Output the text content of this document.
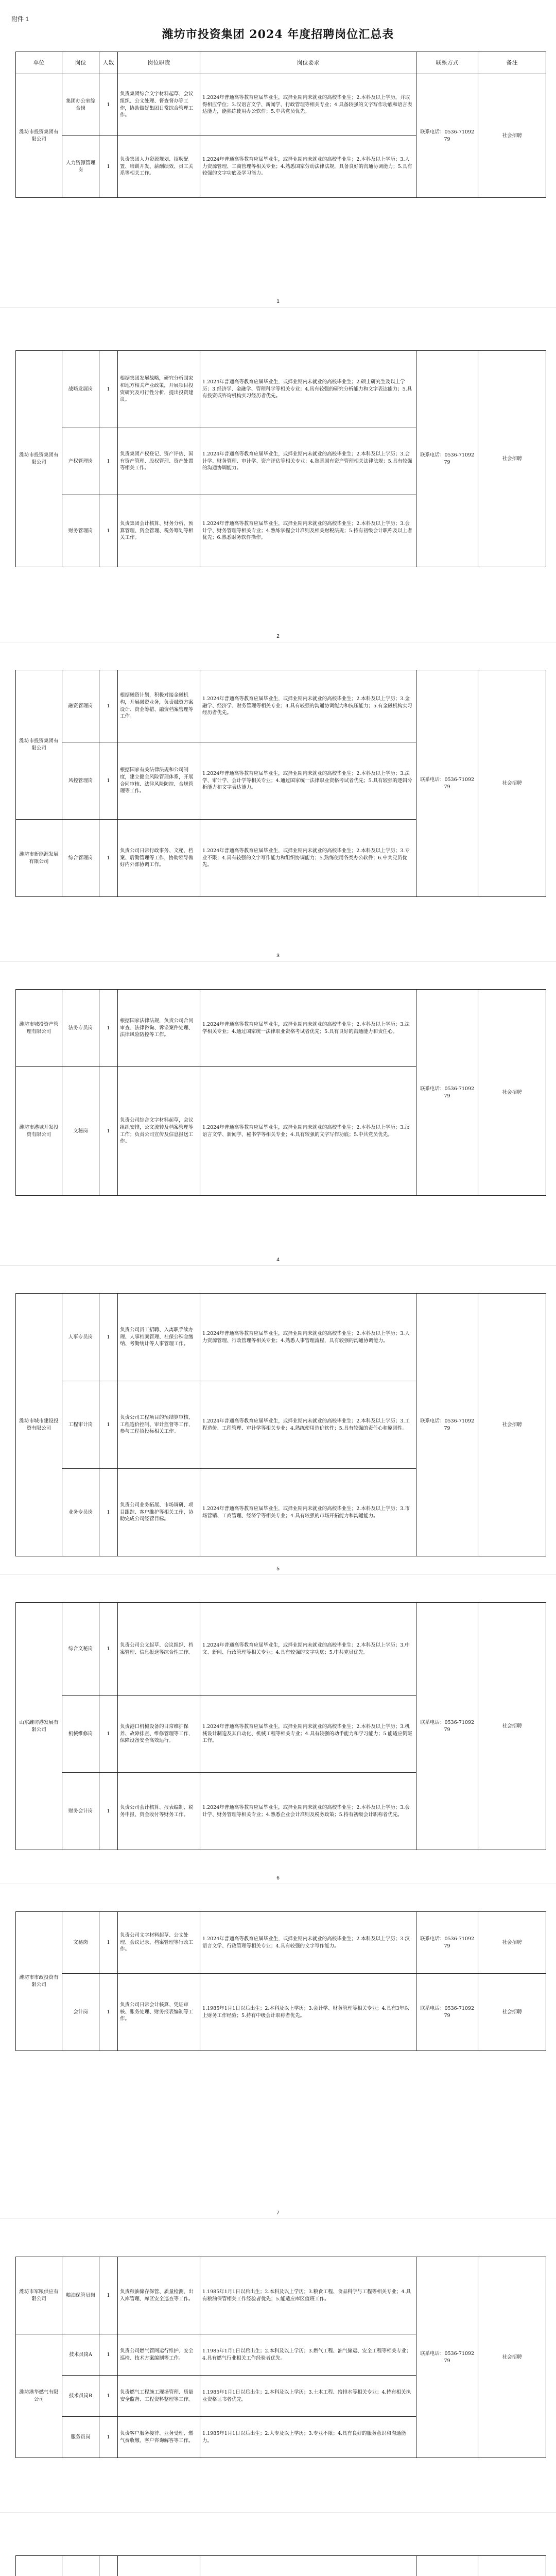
附件 1
潍坊市投资集团 2024 年度招聘岗位汇总表
单位	岗位	人数	岗位职责	岗位要求	联系方式	备注
潍坊市投资集团有限公司	集团办公室综合岗	1	负责集团综合文字材料起草、会议组织、公文处理、督查督办等工作，协助做好集团日常综合管理工作。	1.2024年普通高等教育应届毕业生，或择业期内未就业的高校毕业生；2.本科及以上学历，并取得相应学位；3.汉语言文学、新闻学、行政管理等相关专业；4.具备较强的文字写作功底和语言表达能力，能熟练使用办公软件；5.中共党员优先。	联系电话：0536-7109279	社会招聘
	人力资源管理岗	1	负责集团人力资源规划、招聘配置、培训开发、薪酬绩效、员工关系等相关工作。	1.2024年普通高等教育应届毕业生，或择业期内未就业的高校毕业生；2.本科及以上学历；3.人力资源管理、工商管理等相关专业；4.熟悉国家劳动法律法规，具备良好的沟通协调能力；5.具有较强的文字功底及学习能力。		
1
潍坊市投资集团有限公司	战略发展岗	1	根据集团发展战略，研究分析国家和地方相关产业政策，开展项目投资研究及可行性分析，提出投资建议。	1.2024年普通高等教育应届毕业生，或择业期内未就业的高校毕业生；2.硕士研究生及以上学历；3.经济学、金融学、管理科学等相关专业；4.具有较强的研究分析能力和文字表达能力；5.具有投资或咨询机构实习经历者优先。	联系电话：0536-7109279	社会招聘
	产权管理岗	1	负责集团产权登记、资产评估、国有资产管理、股权管理、资产处置等相关工作。	1.2024年普通高等教育应届毕业生，或择业期内未就业的高校毕业生；2.本科及以上学历；3.会计学、财务管理、审计学、资产评估等相关专业；4.熟悉国有资产管理相关法律法规；5.具有较强的沟通协调能力。		
	财务管理岗	1	负责集团会计核算、财务分析、预算管理、资金管理、税务筹划等相关工作。	1.2024年普通高等教育应届毕业生，或择业期内未就业的高校毕业生；2.本科及以上学历；3.会计学、财务管理等相关专业；4.熟练掌握会计准则及相关财税法规；5.持有初级会计职称及以上者优先；6.熟悉财务软件操作。		
2
潍坊市投资集团有限公司	融资管理岗	1	根据融资计划，积极对接金融机构，开展融资业务，负责融资方案设计、资金筹措、融资档案管理等工作。	1.2024年普通高等教育应届毕业生，或择业期内未就业的高校毕业生；2.本科及以上学历；3.金融学、经济学、财务管理等相关专业；4.具有较强的沟通协调能力和抗压能力；5.有金融机构实习经历者优先。	联系电话：0536-7109279	社会招聘
	风控管理岗	1	根据国家有关法律法规和公司制度，建立健全风险管理体系，开展合同审核、法律风险防控、合规管理等工作。	1.2024年普通高等教育应届毕业生，或择业期内未就业的高校毕业生；2.本科及以上学历；3.法学、审计学、会计学等相关专业；4.通过国家统一法律职业资格考试者优先；5.具有较强的逻辑分析能力和文字表达能力。		
潍坊市新能源发展有限公司	综合管理岗	1	负责公司日常行政事务、文秘、档案、后勤管理等工作，协助领导做好内外部协调工作。	1.2024年普通高等教育应届毕业生，或择业期内未就业的高校毕业生；2.本科及以上学历；3.专业不限；4.具有较强的文字写作能力和组织协调能力；5.熟练使用各类办公软件；6.中共党员优先。		
3
潍坊市城投资产管理有限公司	法务专员岗	1	根据国家法律法规，负责公司合同审查、法律咨询、诉讼案件处理、法律风险防控等工作。	1.2024年普通高等教育应届毕业生，或择业期内未就业的高校毕业生；2.本科及以上学历；3.法学相关专业；4.通过国家统一法律职业资格考试者优先；5.具有良好的沟通能力和责任心。	联系电话：0536-7109279	社会招聘
潍坊市港城开发投资有限公司	文秘岗	1	负责公司综合文字材料起草，会议组织安排，公文流转及档案管理等工作；负责公司宣传及信息报送工作。	1.2024年普通高等教育应届毕业生，或择业期内未就业的高校毕业生；2.本科及以上学历；3.汉语言文学、新闻学、秘书学等相关专业；4.具有较强的文字写作功底；5.中共党员优先。		
4
潍坊市城市建设投资有限公司	人事专员岗	1	负责公司员工招聘、入离职手续办理、人事档案管理、社保公积金缴纳、考勤统计等人事管理工作。	1.2024年普通高等教育应届毕业生，或择业期内未就业的高校毕业生；2.本科及以上学历；3.人力资源管理、行政管理等相关专业；4.熟悉人事管理流程，具有较强的沟通协调能力。	联系电话：0536-7109279	社会招聘
	工程审计岗	1	负责公司工程项目的预结算审核、工程造价控制、审计监督等工作，参与工程招投标相关工作。	1.2024年普通高等教育应届毕业生，或择业期内未就业的高校毕业生；2.本科及以上学历；3.工程造价、工程管理、审计学等相关专业；4.熟练使用造价软件；5.具有较强的责任心和原则性。		
	业务专员岗	1	负责公司业务拓展、市场调研、项目跟踪、客户维护等相关工作，协助完成公司经营目标。	1.2024年普通高等教育应届毕业生，或择业期内未就业的高校毕业生；2.本科及以上学历；3.市场营销、工商管理、经济学等相关专业；4.具有较强的市场开拓能力和沟通能力。		
5
山东潍坊港发展有限公司	综合文秘岗	1	负责公司公文起草、会议组织、档案管理、信息报送等综合性工作。	1.2024年普通高等教育应届毕业生，或择业期内未就业的高校毕业生；2.本科及以上学历；3.中文、新闻、行政管理等相关专业；4.具有较强的文字功底；5.中共党员优先。	联系电话：0536-7109279	社会招聘
	机械维修岗	1	负责港口机械设备的日常维护保养、故障排查、维修管理等工作，保障设备安全高效运行。	1.2024年普通高等教育应届毕业生，或择业期内未就业的高校毕业生；2.本科及以上学历；3.机械设计制造及其自动化、机械工程等相关专业；4.具有较强的动手能力和学习能力；5.能适应倒班工作。		
	财务会计岗	1	负责公司会计核算、报表编制、税务申报、资金收付等财务工作。	1.2024年普通高等教育应届毕业生，或择业期内未就业的高校毕业生；2.本科及以上学历；3.会计学、财务管理等相关专业；4.熟悉企业会计准则及税务政策；5.持有初级会计职称者优先。		
6
潍坊市市政投资有限公司	文秘岗	1	负责公司文字材料起草、公文处理、会议记录、档案管理等行政工作。	1.2024年普通高等教育应届毕业生，或择业期内未就业的高校毕业生；2.本科及以上学历；3.汉语言文学、行政管理等相关专业；4.具有较强的文字写作能力。	联系电话：0536-7109279	社会招聘
	会计岗	1	负责公司日常会计核算、凭证审核、账务处理、财务报表编制等工作。	1.1985年1月1日以后出生；2.本科及以上学历；3.会计学、财务管理等相关专业；4.具有3年以上财务工作经验；5.持有中级会计职称者优先。	联系电话：0536-7109279	社会招聘
7
潍坊市军粮供应有限公司	粮油保管员岗	1	负责粮油储存保管、质量检测、出入库管理、库区安全巡查等工作。	1.1985年1月1日以后出生；2.本科及以上学历；3.粮食工程、食品科学与工程等相关专业；4.具有粮油保管相关工作经验者优先；5.能适应库区值班工作。	联系电话：0536-7109279	社会招聘
潍坊港华燃气有限公司	技术员岗A	1	负责公司燃气管网运行维护、安全巡检、技术方案编制等工作。	1.1985年1月1日以后出生；2.本科及以上学历；3.燃气工程、油气储运、安全工程等相关专业；4.具有燃气行业相关工作经验者优先。		
	技术员岗B	1	负责燃气工程施工现场管理、质量安全监督、工程资料整理等工作。	1.1985年1月1日以后出生；2.本科及以上学历；3.土木工程、给排水等相关专业；4.持有相关执业资格证书者优先。		
	服务员岗	1	负责客户服务接待、业务受理、燃气费收缴、客户咨询解答等工作。	1.1985年1月1日以后出生；2.大专及以上学历；3.专业不限；4.具有良好的服务意识和沟通能力。		
